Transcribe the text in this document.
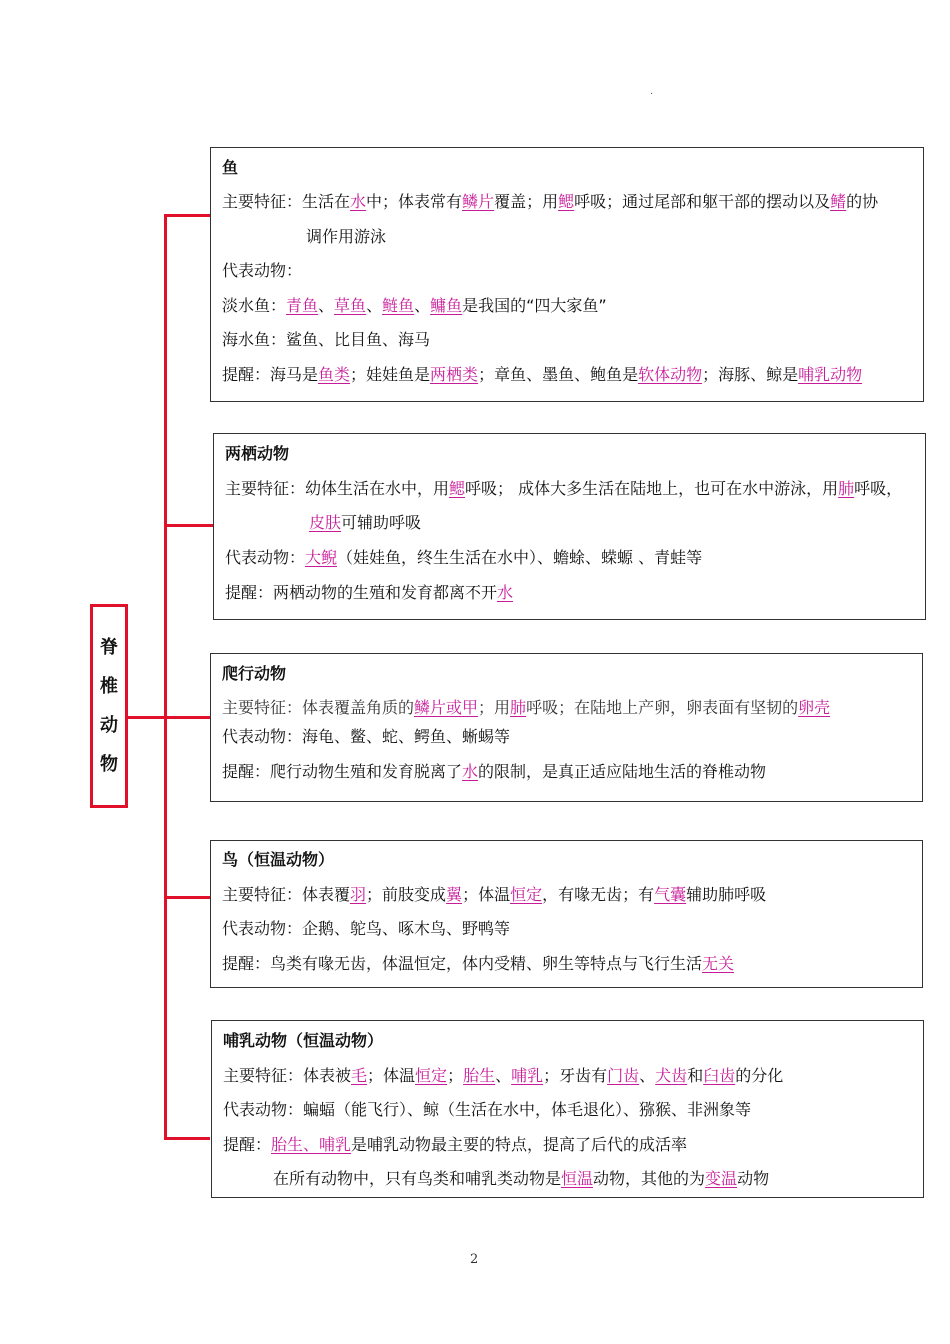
.
脊
椎
动
物
鱼
主要特征：生活在水中；体表常有鳞片覆盖；用鳃呼吸；通过尾部和躯干部的摆动以及鳍的协
调作用游泳
代表动物：
淡水鱼：青鱼、草鱼、鲢鱼、鳙鱼是我国的“四大家鱼”
海水鱼：鲨鱼、比目鱼、海马
提醒：海马是鱼类；娃娃鱼是两栖类；章鱼、墨鱼、鲍鱼是软体动物；海豚、鲸是哺乳动物
两栖动物
主要特征：幼体生活在水中，用鳃呼吸； 成体大多生活在陆地上，也可在水中游泳，用肺呼吸，
皮肤可辅助呼吸
代表动物：大鲵（娃娃鱼，终生生活在水中）、蟾蜍、蝾螈 、青蛙等
提醒：两栖动物的生殖和发育都离不开水
爬行动物
主要特征：体表覆盖角质的鳞片或甲；用肺呼吸；在陆地上产卵，卵表面有坚韧的卵壳
代表动物：海龟、鳖、蛇、鳄鱼、蜥蜴等
提醒：爬行动物生殖和发育脱离了水的限制，是真正适应陆地生活的脊椎动物
鸟（恒温动物）
主要特征：体表覆羽；前肢变成翼；体温恒定，有喙无齿；有气囊辅助肺呼吸
代表动物：企鹅、鸵鸟、啄木鸟、野鸭等
提醒：鸟类有喙无齿，体温恒定，体内受精、卵生等特点与飞行生活无关
哺乳动物（恒温动物）
主要特征：体表被毛；体温恒定；胎生、哺乳；牙齿有门齿、犬齿和臼齿的分化
代表动物：蝙蝠（能飞行）、鲸（生活在水中，体毛退化）、猕猴、非洲象等
提醒：胎生、哺乳是哺乳动物最主要的特点，提高了后代的成活率
在所有动物中，只有鸟类和哺乳类动物是恒温动物，其他的为变温动物
2
